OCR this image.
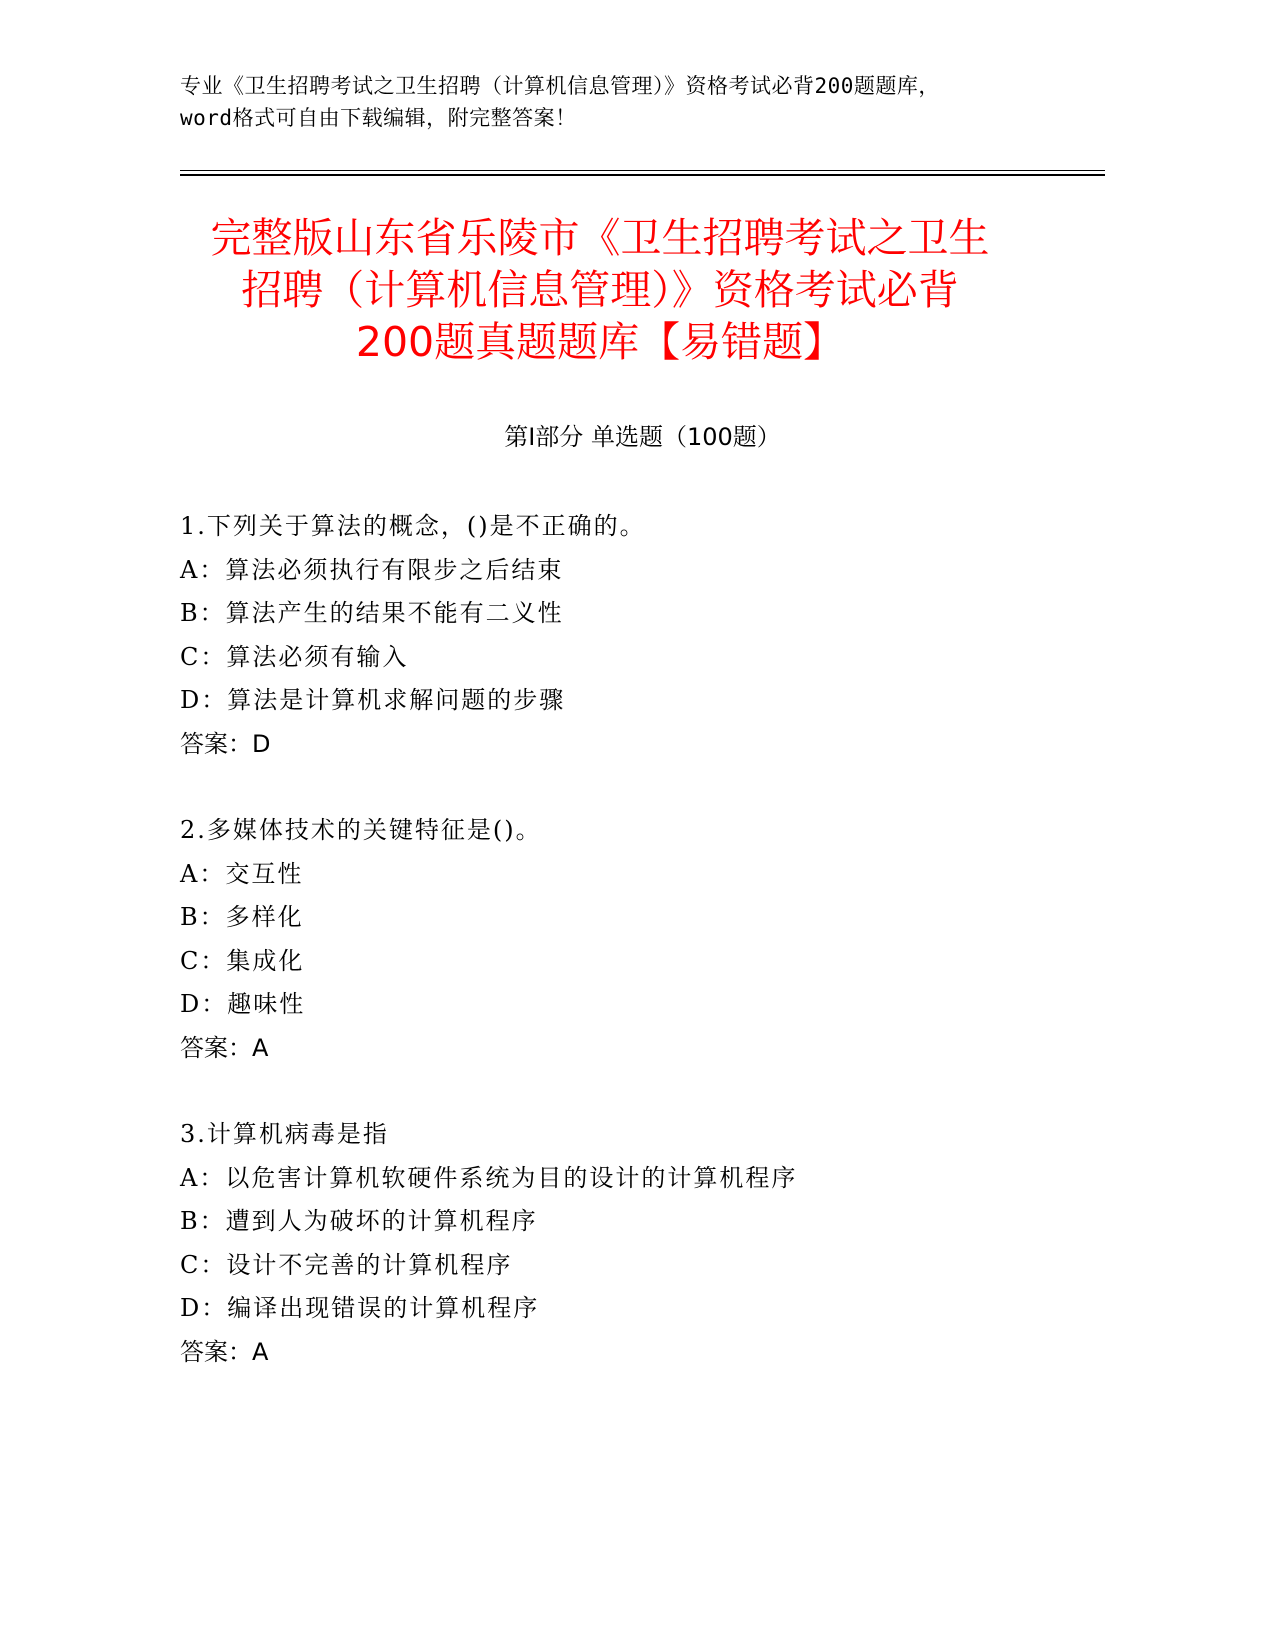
专业《卫生招聘考试之卫生招聘（计算机信息管理）》资格考试必背200题题库，
word格式可自由下载编辑，附完整答案！
完整版山东省乐陵市《卫生招聘考试之卫生
招聘（计算机信息管理）》资格考试必背
200题真题题库【易错题】
第Ⅰ部分 单选题（100题）
1.下列关于算法的概念，()是不正确的。
A：算法必须执行有限步之后结束
B：算法产生的结果不能有二义性
C：算法必须有输入
D：算法是计算机求解问题的步骤
答案：D
2.多媒体技术的关键特征是()。
A：交互性
B：多样化
C：集成化
D：趣味性
答案：A
3.计算机病毒是指
A：以危害计算机软硬件系统为目的设计的计算机程序
B：遭到人为破坏的计算机程序
C：设计不完善的计算机程序
D：编译出现错误的计算机程序
答案：A
